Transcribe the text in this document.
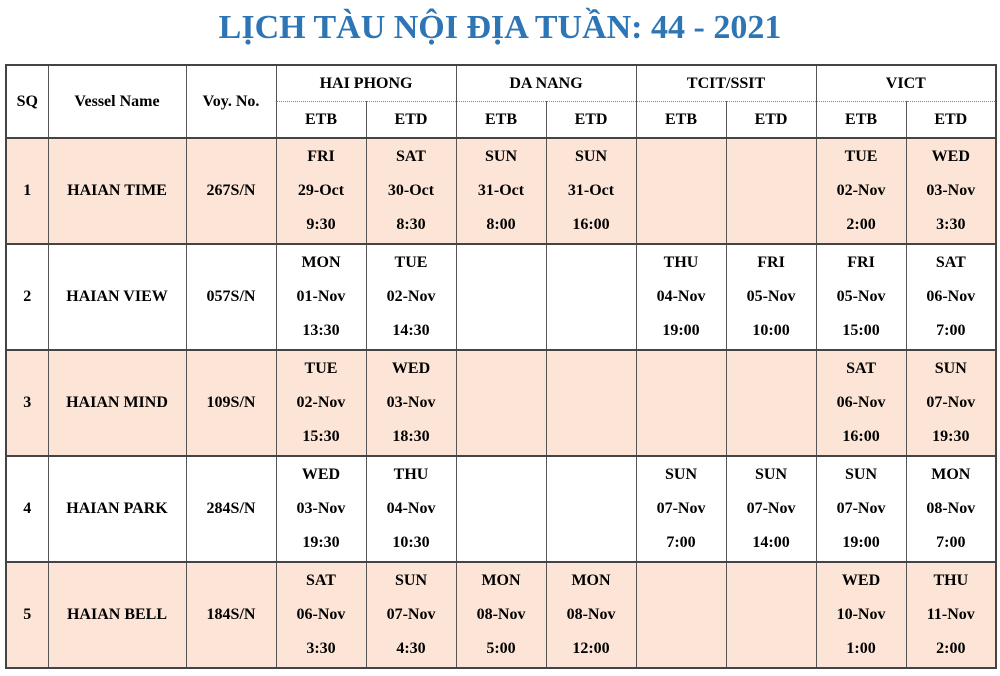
LỊCH TÀU NỘI ĐỊA TUẦN: 44 - 2021
SQ	Vessel Name	Voy. No.	HAI PHONG		DA NANG		TCIT/SSIT		VICT	
			ETB	ETD	ETB	ETD	ETB	ETD	ETB	ETD
1	HAIAN TIME	267S/N	FRI
29-Oct
9:30	SAT
30-Oct
8:30	SUN
31-Oct
8:00	SUN
31-Oct
16:00			TUE
02-Nov
2:00	WED
03-Nov
3:30

2	HAIAN VIEW	057S/N	MON
01-Nov
13:30	TUE
02-Nov
14:30			THU
04-Nov
19:00	FRI
05-Nov
10:00	FRI
05-Nov
15:00	SAT
06-Nov
7:00

3	HAIAN MIND	109S/N	TUE
02-Nov
15:30	WED
03-Nov
18:30					SAT
06-Nov
16:00	SUN
07-Nov
19:30

4	HAIAN PARK	284S/N	WED
03-Nov
19:30	THU
04-Nov
10:30			SUN
07-Nov
7:00	SUN
07-Nov
14:00	SUN
07-Nov
19:00	MON
08-Nov
7:00

5	HAIAN BELL	184S/N	SAT
06-Nov
3:30	SUN
07-Nov
4:30	MON
08-Nov
5:00	MON
08-Nov
12:00			WED
10-Nov
1:00	THU
11-Nov
2:00
